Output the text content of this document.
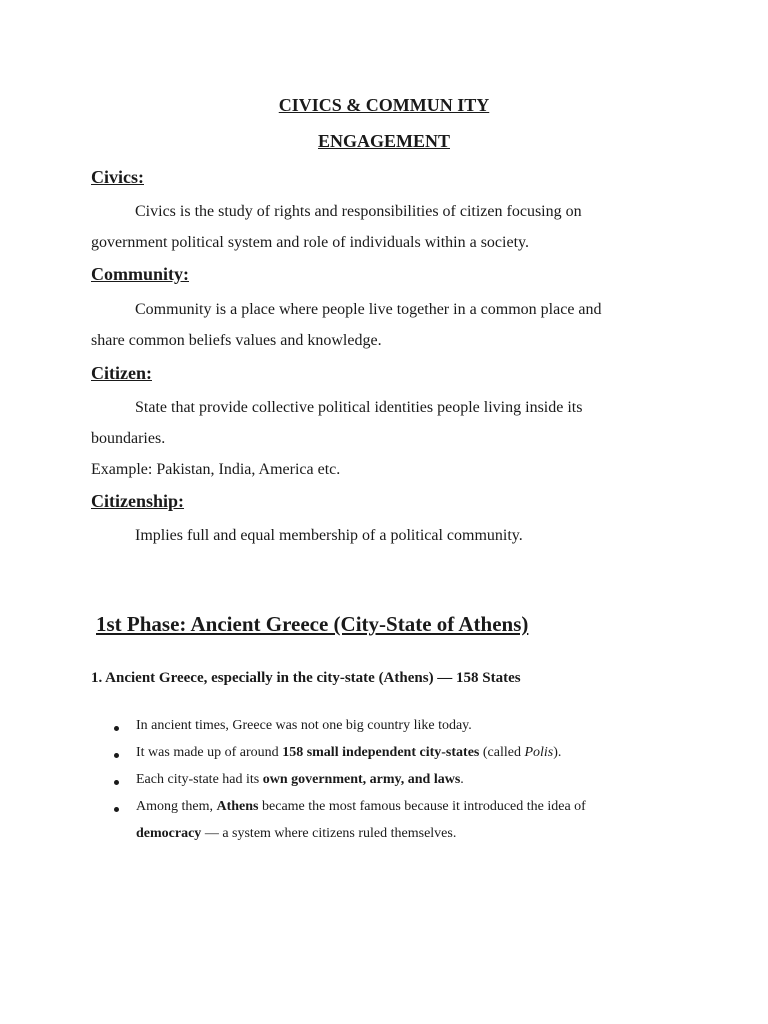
CIVICS & COMMUN ITY

ENGAGEMENT

Civics:

Civics is the study of rights and responsibilities of citizen focusing on

government political system and role of individuals within a society.

Community:

Community is a place where people live together in a common place and

share common beliefs values and knowledge.

Citizen:

State that provide collective political identities people living inside its

boundaries.

Example: Pakistan, India, America etc.

Citizenship:

Implies full and equal membership of a political community.

1st Phase: Ancient Greece (City-State of Athens)

1. Ancient Greece, especially in the city-state (Athens) — 158 States

In ancient times, Greece was not one big country like today.

It was made up of around 158 small independent city-states (called Polis).

Each city-state had its own government, army, and laws.

Among them, Athens became the most famous because it introduced the idea of

democracy — a system where citizens ruled themselves.
